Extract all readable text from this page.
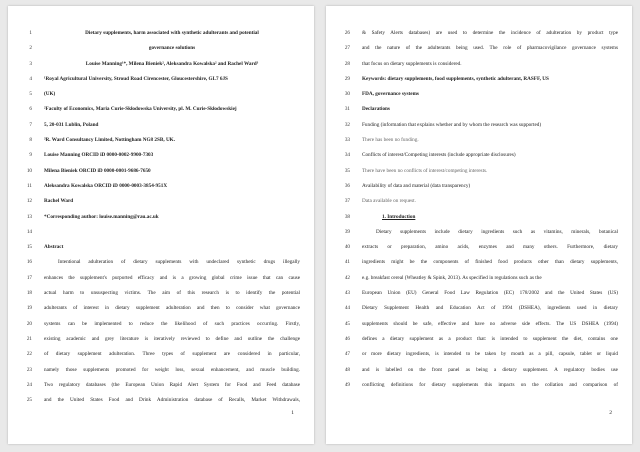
1	Dietary supplements, harm associated with synthetic adulterants and potential
2	governance solutions
3	Louise Manning¹*, Milena Bieniek², Aleksandra Kowalska² and Rachel Ward³
4 ¹Royal Agricultural University, Stroud Road Cirencester, Gloucestershire, GL7 6JS
5 (UK)
6 ²Faculty of Economics, Maria Curie-Skłodowska University, pl. M. Curie-Skłodowskiej
7 5, 20-031 Lublin, Poland
8 ³R. Ward Consultancy Limited, Nottingham NG8 2SB, UK.
9 Louise Manning ORCID iD 0000-0002-9900-7303
10 Milena Bieniek ORCID iD 0000-0001-9686-7650
11 Aleksandra Kowalska ORCID iD 0000-0003-3854-951X
12 Rachel Ward
13 *Corresponding author: louise.manning@rau.ac.uk
14
15 Abstract
16	Intentional adulteration of dietary supplements with undeclared synthetic drugs illegally
17 enhances the supplement's purported efficacy and is a growing global crime issue that can cause
18 actual harm to unsuspecting victims. The aim of this research is to identify the potential
19 adulterants of interest in dietary supplement adulteration and then to consider what governance
20 systems can be implemented to reduce the likelihood of such practices occurring. Firstly,
21 existing academic and grey literature is iteratively reviewed to define and outline the challenge
22 of dietary supplement adulteration. Three types of supplement are considered in particular,
23 namely those supplements promoted for weight loss, sexual enhancement, and muscle building.
24 Two regulatory databases (the European Union Rapid Alert System for Food and Feed database
25 and the United States Food and Drink Administration database of Recalls, Market Withdrawals,
1
26 & Safety Alerts databases) are used to determine the incidence of adulteration by product type
27 and the nature of the adulterants being used. The role of pharmacovigilance governance systems
28 that focus on dietary supplements is considered.
29 Keywords: dietary supplements, food supplements, synthetic adulterant, RASFF, US
30 FDA, governance systems
31 Declarations
32 Funding (information that explains whether and by whom the research was supported)
33 There has been no funding.
34 Conflicts of interest/Competing interests (include appropriate disclosures)
35 There have been no conflicts of interest/competing interests.
36 Availability of data and material (data transparency)
37 Data available on request.
38	1. Introduction
39	Dietary supplements include dietary ingredients such as vitamins, minerals, botanical
40 extracts or preparation, amino acids, enzymes and many others. Furthermore, dietary
41 ingredients might be the components of finished food products other than dietary supplements,
42 e.g. breakfast cereal (Wheatley & Spink, 2013). As specified in regulations such as the
43 European Union (EU) General Food Law Regulation (EC) 178/2002 and the United States (US)
44 Dietary Supplement Health and Education Act of 1994 (DSHEA), ingredients used in dietary
45 supplements should be safe, effective and have no adverse side effects. The US DSHEA (1994)
46 defines a dietary supplement as a product that: is intended to supplement the diet, contains one
47 or more dietary ingredients, is intended to be taken by mouth as a pill, capsule, tablet or liquid
48 and is labelled on the front panel as being a dietary supplement. A regulatory bodies use
49 conflicting definitions for dietary supplements this impacts on the collation and comparison of
2
